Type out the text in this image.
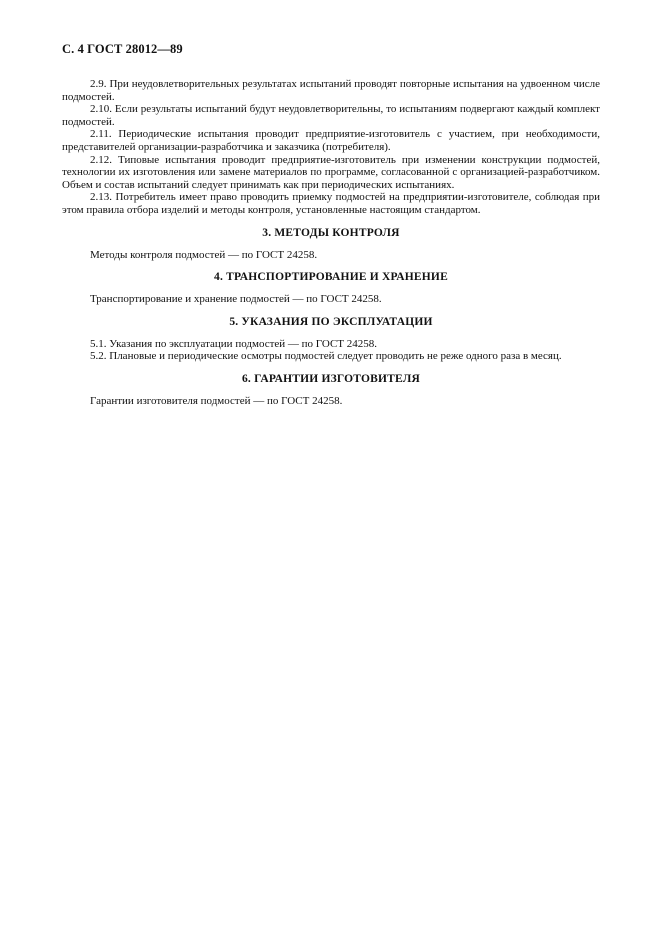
С. 4 ГОСТ 28012—89

2.9. При неудовлетворительных результатах испытаний проводят повторные испытания на удвоенном числе подмостей.

2.10. Если результаты испытаний будут неудовлетворительны, то испытаниям подвергают каждый комплект подмостей.

2.11. Периодические испытания проводит предприятие-изготовитель с участием, при необходимости, представителей организации-разработчика и заказчика (потребителя).

2.12. Типовые испытания проводит предприятие-изготовитель при изменении конструкции подмостей, технологии их изготовления или замене материалов по программе, согласованной с организацией-разработчиком. Объем и состав испытаний следует принимать как при периодических испытаниях.

2.13. Потребитель имеет право проводить приемку подмостей на предприятии-изготовителе, соблюдая при этом правила отбора изделий и методы контроля, установленные настоящим стандартом.

3. МЕТОДЫ КОНТРОЛЯ

Методы контроля подмостей — по ГОСТ 24258.

4. ТРАНСПОРТИРОВАНИЕ И ХРАНЕНИЕ

Транспортирование и хранение подмостей — по ГОСТ 24258.

5. УКАЗАНИЯ ПО ЭКСПЛУАТАЦИИ

5.1. Указания по эксплуатации подмостей — по ГОСТ 24258.

5.2. Плановые и периодические осмотры подмостей следует проводить не реже одного раза в месяц.

6. ГАРАНТИИ ИЗГОТОВИТЕЛЯ

Гарантии изготовителя подмостей — по ГОСТ 24258.
